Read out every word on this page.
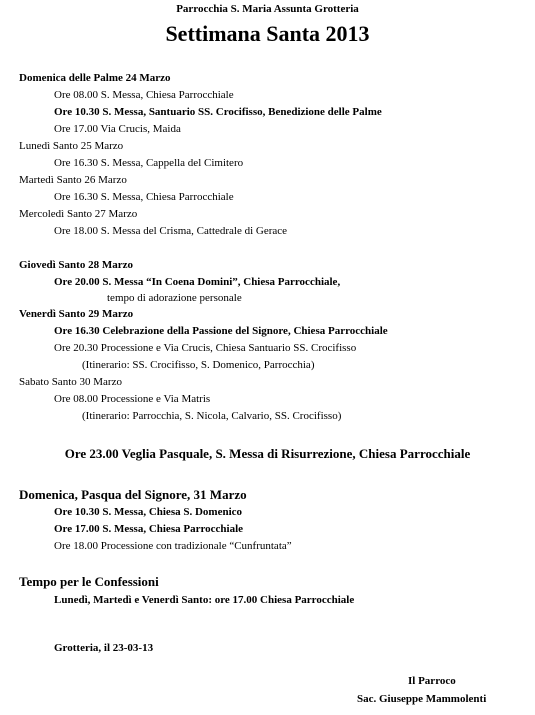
Parrocchia S. Maria Assunta Grotteria
Settimana Santa 2013
Domenica delle Palme 24 Marzo
Ore 08.00 S. Messa, Chiesa Parrocchiale
Ore 10.30 S. Messa, Santuario SS. Crocifisso, Benedizione delle Palme
Ore 17.00 Via Crucis, Maida
Lunedì Santo 25 Marzo
Ore 16.30 S. Messa, Cappella del Cimitero
Martedì Santo 26 Marzo
Ore 16.30 S. Messa, Chiesa Parrocchiale
Mercoledì Santo 27 Marzo
Ore 18.00 S. Messa del Crisma, Cattedrale di Gerace
Giovedì Santo 28 Marzo
Ore 20.00 S. Messa “In Coena Domini”, Chiesa Parrocchiale,
tempo di adorazione personale
Venerdì Santo 29 Marzo
Ore 16.30 Celebrazione della Passione del Signore, Chiesa Parrocchiale
Ore 20.30 Processione e Via Crucis, Chiesa Santuario SS. Crocifisso
(Itinerario: SS. Crocifisso, S. Domenico, Parrocchia)
Sabato Santo 30 Marzo
Ore 08.00 Processione e Via Matris
(Itinerario: Parrocchia, S. Nicola, Calvario, SS. Crocifisso)
Ore 23.00 Veglia Pasquale, S. Messa di Risurrezione, Chiesa Parrocchiale
Domenica, Pasqua del Signore, 31 Marzo
Ore 10.30 S. Messa, Chiesa S. Domenico
Ore 17.00 S. Messa, Chiesa Parrocchiale
Ore 18.00 Processione con tradizionale “Cunfruntata”
Tempo per le Confessioni
Lunedì, Martedì e Venerdì Santo: ore 17.00 Chiesa Parrocchiale
Grotteria, il 23-03-13
Il Parroco
Sac. Giuseppe Mammolenti
